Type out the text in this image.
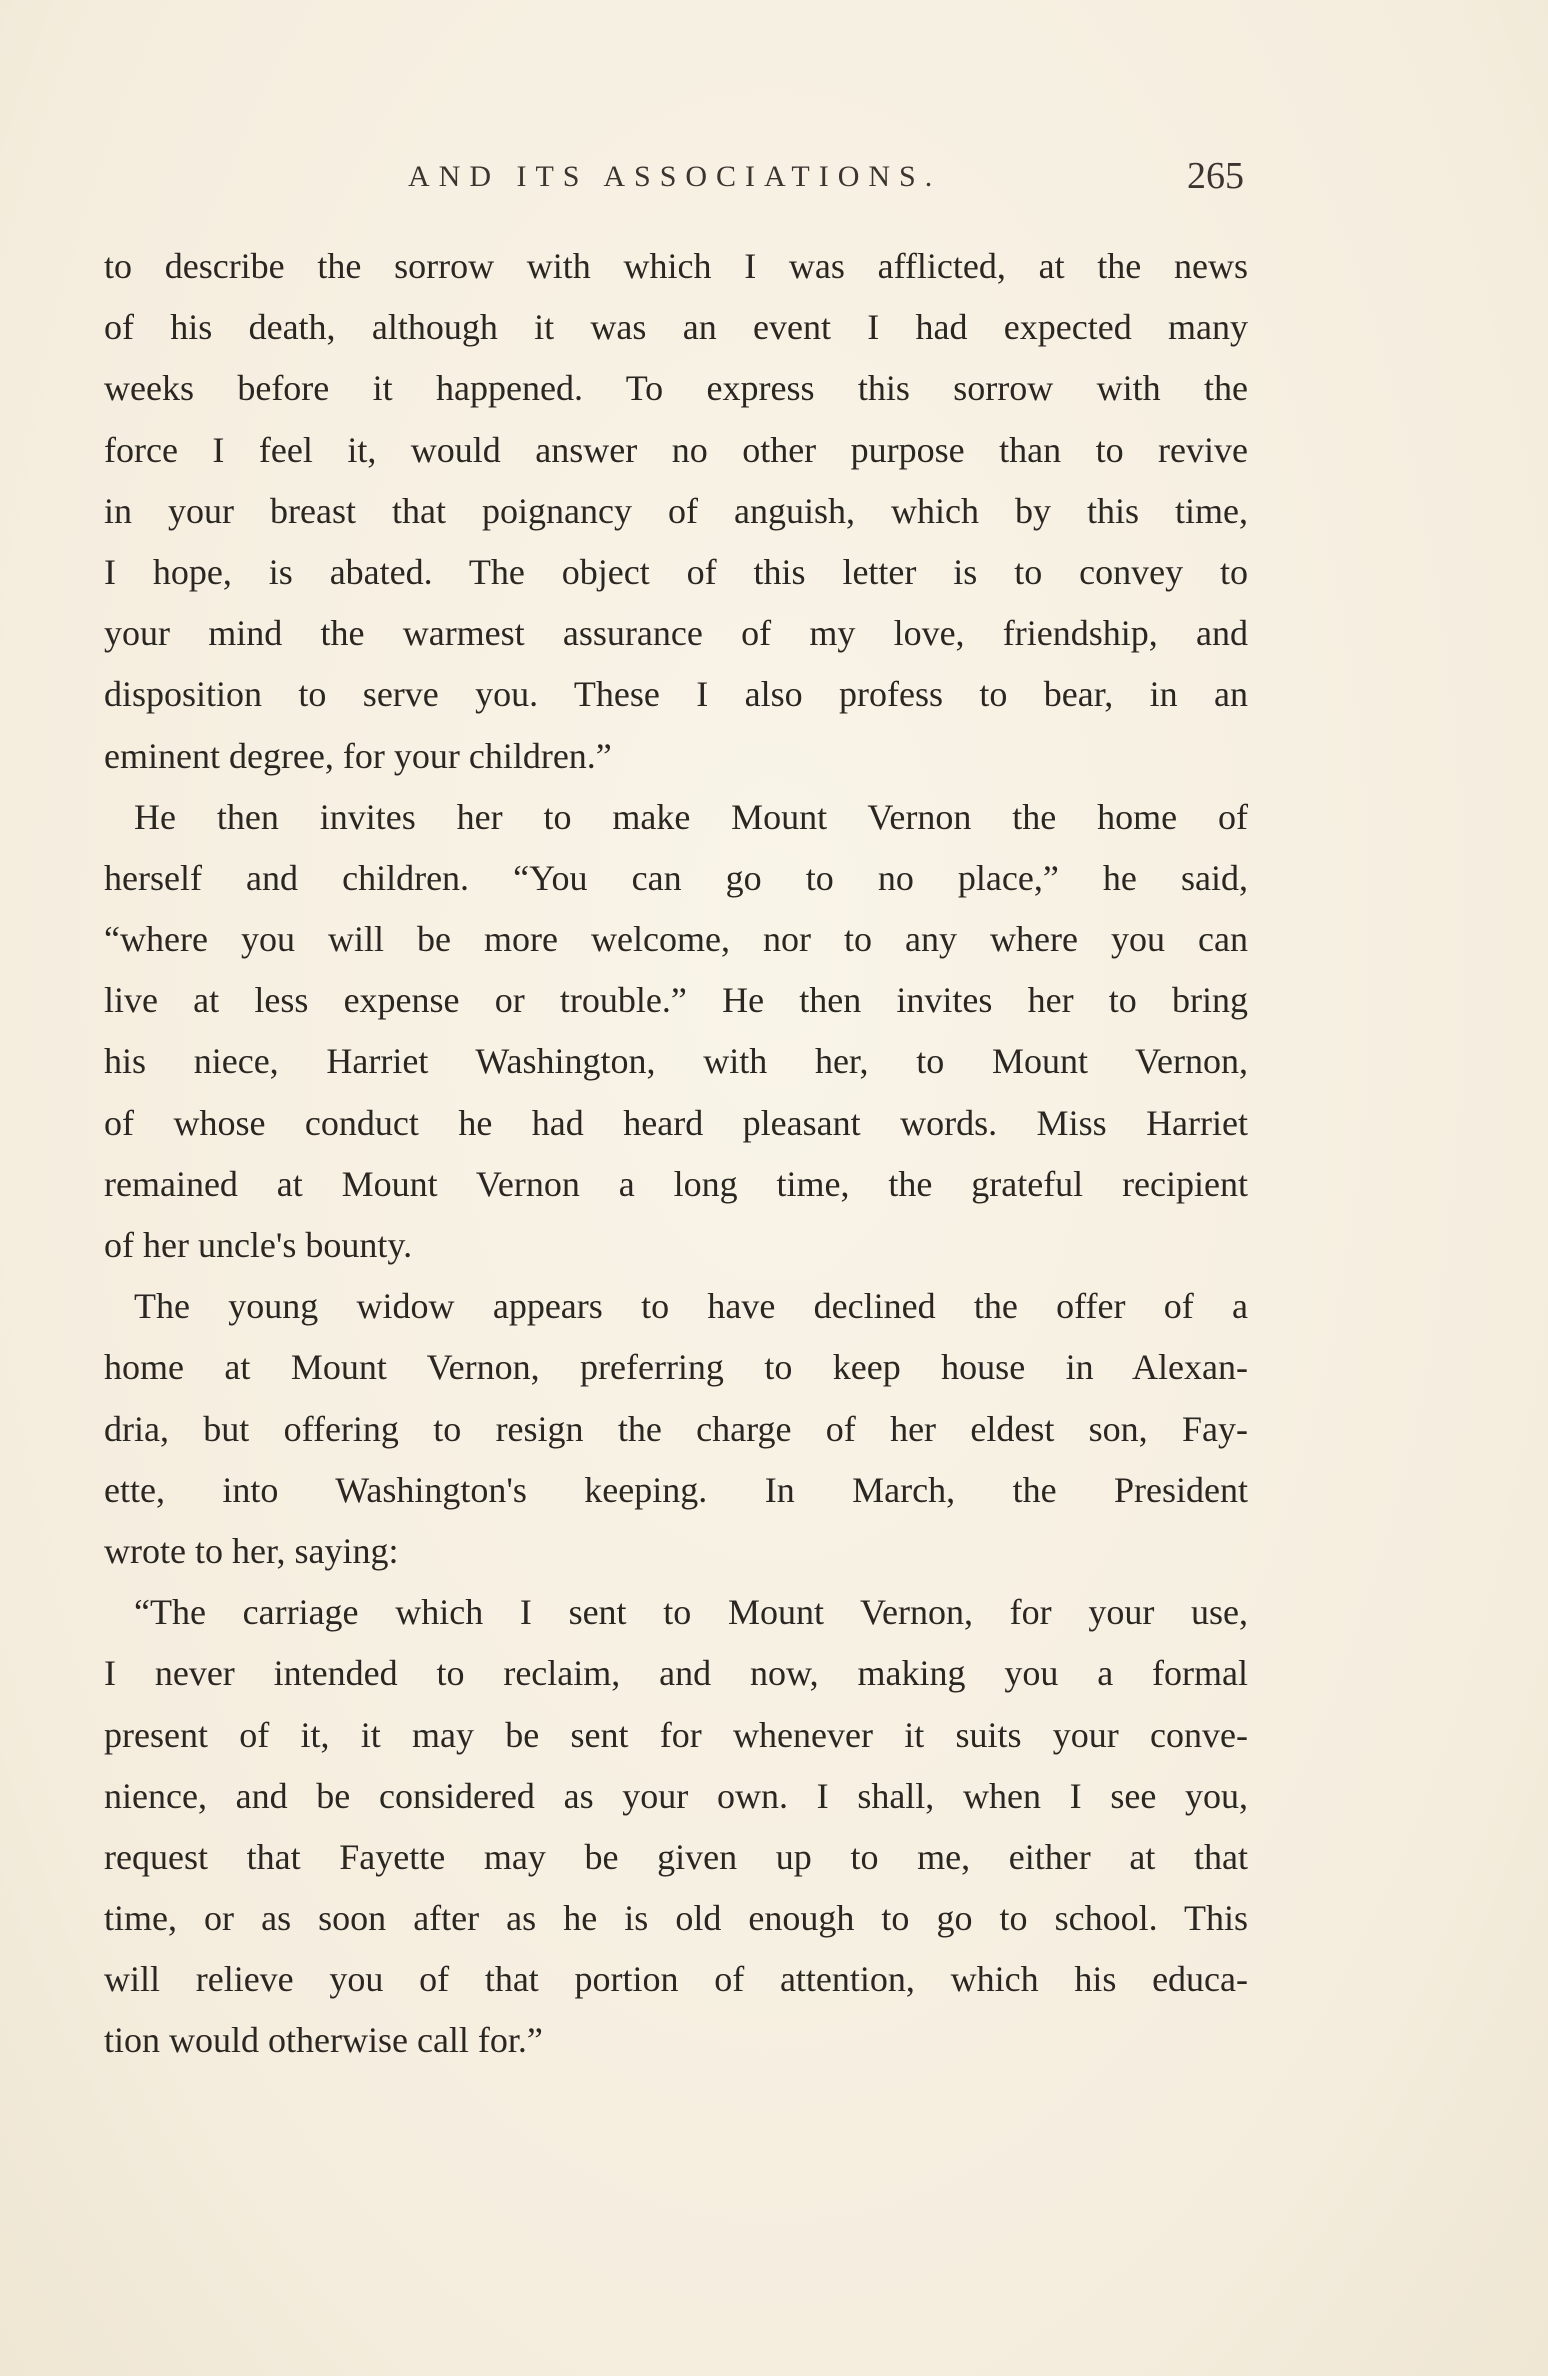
AND ITS ASSOCIATIONS.	265
to describe the sorrow with which I was afflicted, at the news
of his death, although it was an event I had expected many
weeks before it happened. To express this sorrow with the
force I feel it, would answer no other purpose than to revive
in your breast that poignancy of anguish, which by this time,
I hope, is abated. The object of this letter is to convey to
your mind the warmest assurance of my love, friendship, and
disposition to serve you. These I also profess to bear, in an
eminent degree, for your children.”
He then invites her to make Mount Vernon the home of
herself and children. “You can go to no place,” he said,
“where you will be more welcome, nor to any where you can
live at less expense or trouble.” He then invites her to bring
his niece, Harriet Washington, with her, to Mount Vernon,
of whose conduct he had heard pleasant words. Miss Harriet
remained at Mount Vernon a long time, the grateful recipient
of her uncle's bounty.
The young widow appears to have declined the offer of a
home at Mount Vernon, preferring to keep house in Alexan-
dria, but offering to resign the charge of her eldest son, Fay-
ette, into Washington's keeping. In March, the President
wrote to her, saying:
“The carriage which I sent to Mount Vernon, for your use,
I never intended to reclaim, and now, making you a formal
present of it, it may be sent for whenever it suits your conve-
nience, and be considered as your own. I shall, when I see you,
request that Fayette may be given up to me, either at that
time, or as soon after as he is old enough to go to school. This
will relieve you of that portion of attention, which his educa-
tion would otherwise call for.”
